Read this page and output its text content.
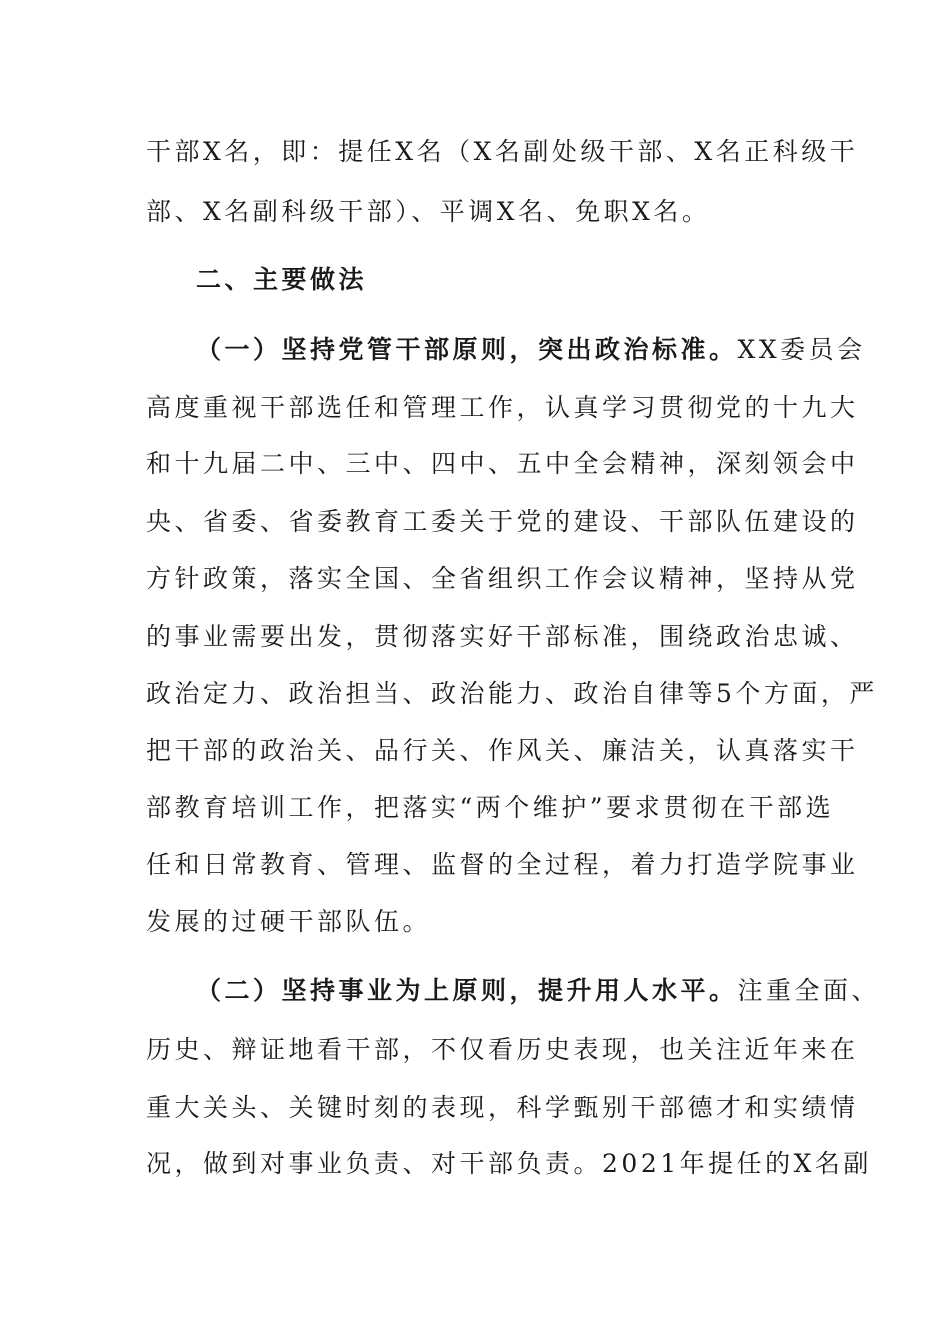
干部X名，即：提任X名（X名副处级干部、X名正科级干
部、X名副科级干部）、平调X名、免职X名。
二、主要做法
（一）坚持党管干部原则，突出政治标准。XX委员会
高度重视干部选任和管理工作，认真学习贯彻党的十九大
和十九届二中、三中、四中、五中全会精神，深刻领会中
央、省委、省委教育工委关于党的建设、干部队伍建设的
方针政策，落实全国、全省组织工作会议精神，坚持从党
的事业需要出发，贯彻落实好干部标准，围绕政治忠诚、
政治定力、政治担当、政治能力、政治自律等5个方面，严
把干部的政治关、品行关、作风关、廉洁关，认真落实干
部教育培训工作，把落实“两个维护”要求贯彻在干部选
任和日常教育、管理、监督的全过程，着力打造学院事业
发展的过硬干部队伍。
（二）坚持事业为上原则，提升用人水平。注重全面、
历史、辩证地看干部，不仅看历史表现，也关注近年来在
重大关头、关键时刻的表现，科学甄别干部德才和实绩情
况，做到对事业负责、对干部负责。2021年提任的X名副
